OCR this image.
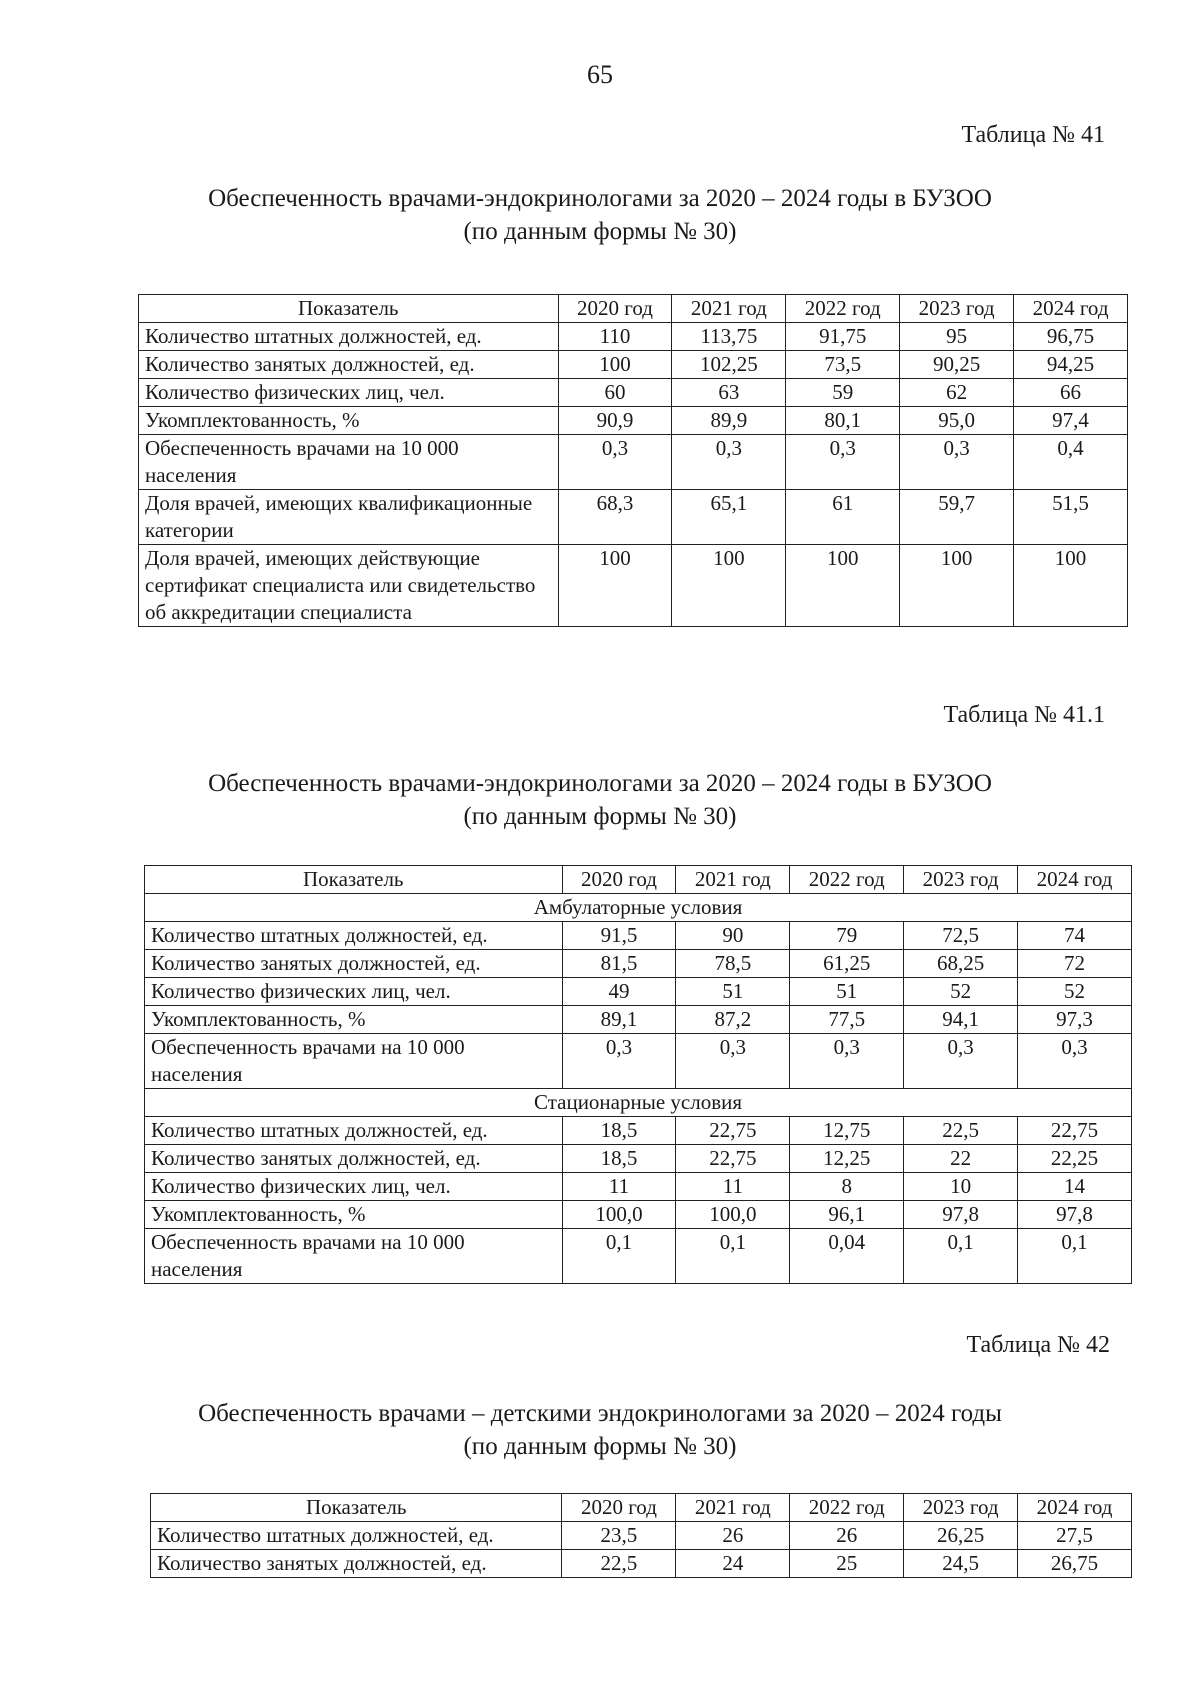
65
Таблица № 41
Обеспеченность врачами-эндокринологами за 2020 – 2024 годы в БУЗОО
(по данным формы № 30)
Показатель	2020 год	2021 год	2022 год	2023 год	2024 год
Количество штатных должностей, ед.	110	113,75	91,75	95	96,75
Количество занятых должностей, ед.	100	102,25	73,5	90,25	94,25
Количество физических лиц, чел.	60	63	59	62	66
Укомплектованность, %	90,9	89,9	80,1	95,0	97,4
Обеспеченность врачами на 10 000 населения	0,3	0,3	0,3	0,3	0,4
Доля врачей, имеющих квалификационные категории	68,3	65,1	61	59,7	51,5
Доля врачей, имеющих действующие сертификат специалиста или свидетельство об аккредитации специалиста	100	100	100	100	100
Таблица № 41.1
Обеспеченность врачами-эндокринологами за 2020 – 2024 годы в БУЗОО
(по данным формы № 30)
Показатель	2020 год	2021 год	2022 год	2023 год	2024 год
Амбулаторные условия					
Количество штатных должностей, ед.	91,5	90	79	72,5	74
Количество занятых должностей, ед.	81,5	78,5	61,25	68,25	72
Количество физических лиц, чел.	49	51	51	52	52
Укомплектованность, %	89,1	87,2	77,5	94,1	97,3
Обеспеченность врачами на 10 000 населения	0,3	0,3	0,3	0,3	0,3
Стационарные условия					
Количество штатных должностей, ед.	18,5	22,75	12,75	22,5	22,75
Количество занятых должностей, ед.	18,5	22,75	12,25	22	22,25
Количество физических лиц, чел.	11	11	8	10	14
Укомплектованность, %	100,0	100,0	96,1	97,8	97,8
Обеспеченность врачами на 10 000 населения	0,1	0,1	0,04	0,1	0,1
Таблица № 42
Обеспеченность врачами – детскими эндокринологами за 2020 – 2024 годы
(по данным формы № 30)
Показатель	2020 год	2021 год	2022 год	2023 год	2024 год
Количество штатных должностей, ед.	23,5	26	26	26,25	27,5
Количество занятых должностей, ед.	22,5	24	25	24,5	26,75
